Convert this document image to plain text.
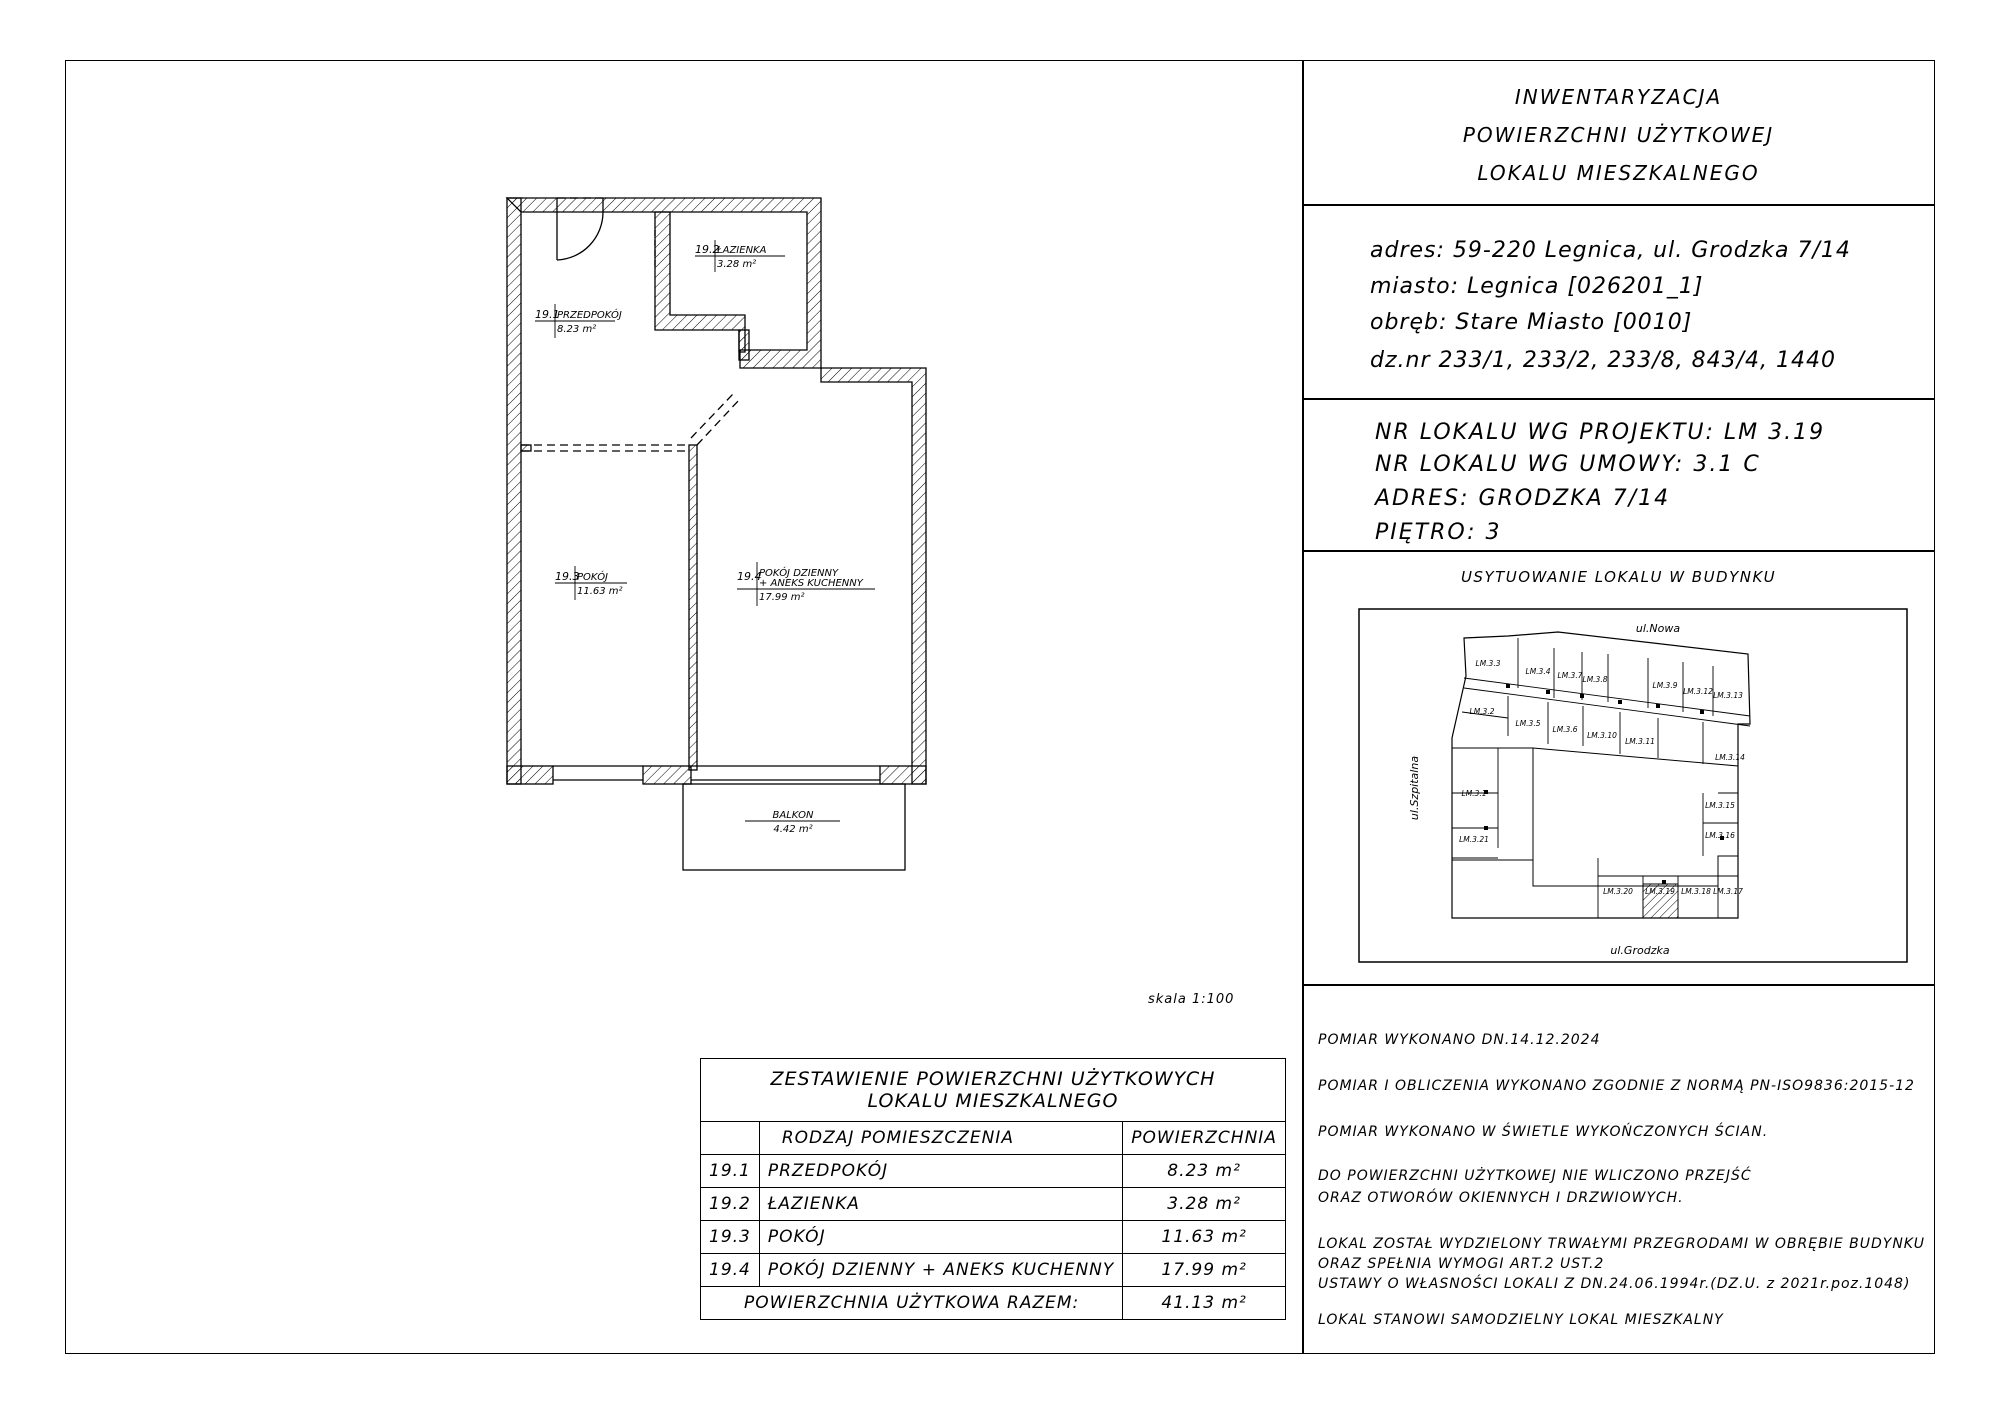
INWENTARYZACJA
POWIERZCHNI UŻYTKOWEJ
LOKALU MIESZKALNEGO
adres: 59-220 Legnica, ul. Grodzka 7/14
miasto: Legnica [026201_1]
obręb: Stare Miasto [0010]
dz.nr 233/1, 233/2, 233/8, 843/4, 1440
NR LOKALU WG PROJEKTU: LM 3.19
NR LOKALU WG UMOWY: 3.1 C
ADRES: GRODZKA 7/14
PIĘTRO: 3
USYTUOWANIE LOKALU W BUDYNKU
ul.Nowa
ul.Szpitalna
ul.Grodzka
LM.3.3
LM.3.4 LM.3.7 LM.3.8
LM.3.9
LM.3.12 LM.3.13
LM.3.2
LM.3.5
LM.3.6
LM.3.10
LM.3.11
LM.3.14
LM.3.1
LM.3.15
LM.3.16
LM.3.21
LM.3.20 LM.3.19 LM.3.18 LM.3.17
POMIAR WYKONANO DN.14.12.2024
POMIAR I OBLICZENIA WYKONANO ZGODNIE Z NORMĄ PN-ISO9836:2015-12
POMIAR WYKONANO W ŚWIETLE WYKOŃCZONYCH ŚCIAN.
DO POWIERZCHNI UŻYTKOWEJ NIE WLICZONO PRZEJŚĆ
ORAZ OTWORÓW OKIENNYCH I DRZWIOWYCH.
LOKAL ZOSTAŁ WYDZIELONY TRWAŁYMI PRZEGRODAMI W OBRĘBIE BUDYNKU
ORAZ SPEŁNIA WYMOGI ART.2 UST.2
USTAWY O WŁASNOŚCI LOKALI Z DN.24.06.1994r.(DZ.U. z 2021r.poz.1048)
LOKAL STANOWI SAMODZIELNY LOKAL MIESZKALNY
19.1
PRZEDPOKÓJ
8.23 m²
19.2
ŁAZIENKA
3.28 m²
19.3
POKÓJ
11.63 m²
19.4
POKÓJ DZIENNY
+ ANEKS KUCHENNY
17.99 m²
BALKON
4.42 m²
skala 1:100
ZESTAWIENIE POWIERZCHNI UŻYTKOWYCH
LOKALU MIESZKALNEGO		

	RODZAJ POMIESZCZENIA	POWIERZCHNIA
19.1	PRZEDPOKÓJ	8.23 m²
19.2	ŁAZIENKA	3.28 m²
19.3	POKÓJ	11.63 m²
19.4	POKÓJ DZIENNY + ANEKS KUCHENNY	17.99 m²
POWIERZCHNIA UŻYTKOWA RAZEM:		41.13 m²
